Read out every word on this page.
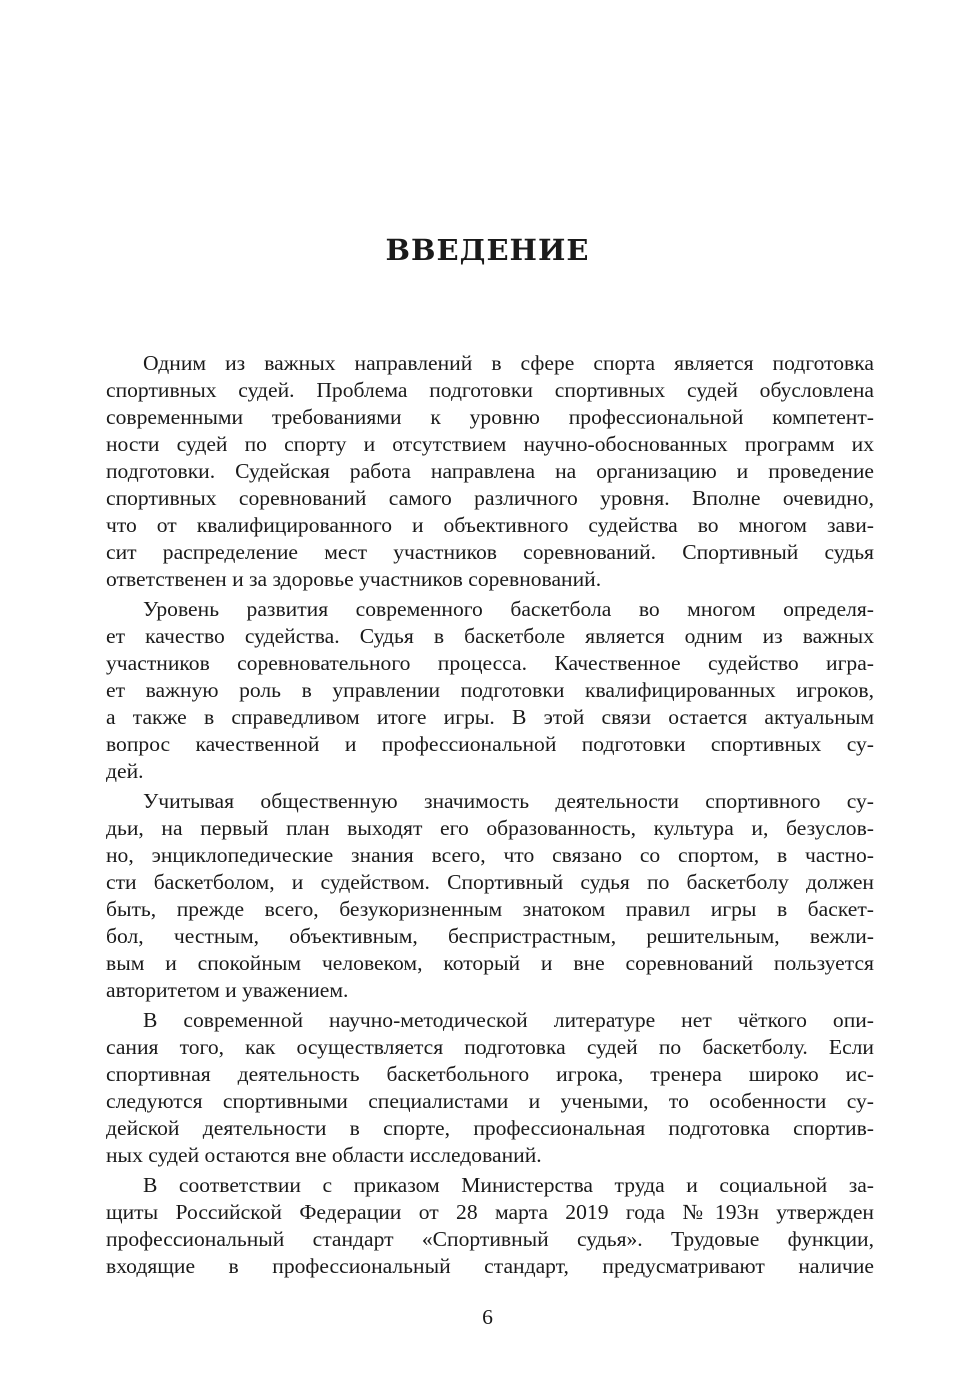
ВВЕДЕНИЕ
Одним из важных направлений в сфере спорта является подготовка
спортивных судей. Проблема подготовки спортивных судей обусловлена
современными требованиями к уровню профессиональной компетент-
ности судей по спорту и отсутствием научно-обоснованных программ их
подготовки. Судейская работа направлена на организацию и проведение
спортивных соревнований самого различного уровня. Вполне очевидно,
что от квалифицированного и объективного судейства во многом зави-
сит распределение мест участников соревнований. Спортивный судья
ответственен и за здоровье участников соревнований.
Уровень развития современного баскетбола во многом определя-
ет качество судейства. Судья в баскетболе является одним из важных
участников соревновательного процесса. Качественное судейство игра-
ет важную роль в управлении подготовки квалифицированных игроков,
а также в справедливом итоге игры. В этой связи остается актуальным
вопрос качественной и профессиональной подготовки спортивных су-
дей.
Учитывая общественную значимость деятельности спортивного су-
дьи, на первый план выходят его образованность, культура и, безуслов-
но, энциклопедические знания всего, что связано со спортом, в частно-
сти баскетболом, и судейством. Спортивный судья по баскетболу должен
быть, прежде всего, безукоризненным знатоком правил игры в баскет-
бол, честным, объективным, беспристрастным, решительным, вежли-
вым и спокойным человеком, который и вне соревнований пользуется
авторитетом и уважением.
В современной научно-методической литературе нет чёткого опи-
сания того, как осуществляется подготовка судей по баскетболу. Если
спортивная деятельность баскетбольного игрока, тренера широко ис-
следуются спортивными специалистами и учеными, то особенности су-
дейской деятельности в спорте, профессиональная подготовка спортив-
ных судей остаются вне области исследований.
В соответствии с приказом Министерства труда и социальной за-
щиты Российской Федерации от 28 марта 2019 года №193н утвержден
профессиональный стандарт «Спортивный судья». Трудовые функции,
входящие в профессиональный стандарт, предусматривают наличие

6
